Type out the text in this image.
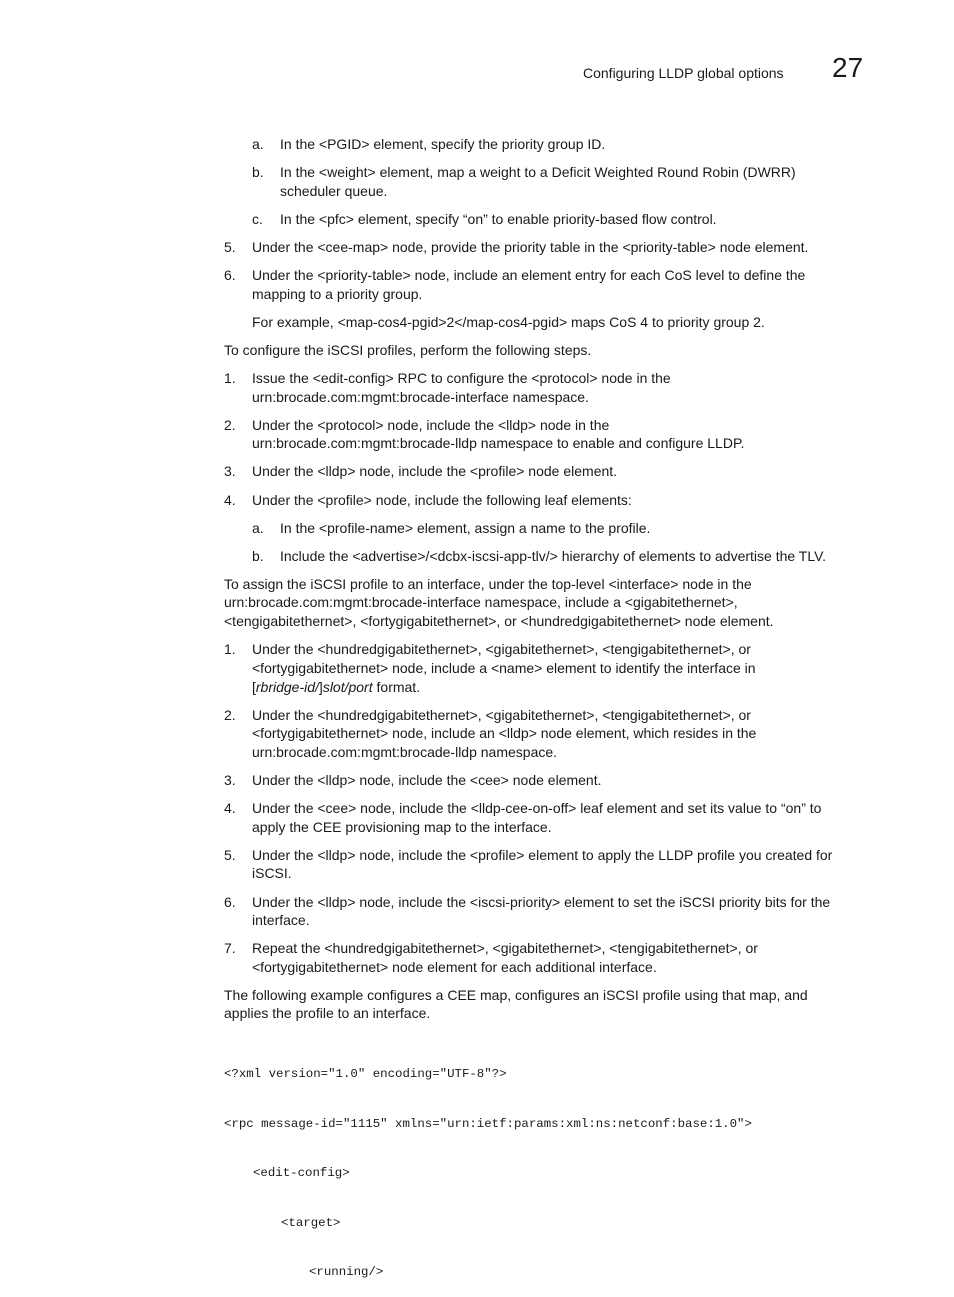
Configuring LLDP global options 27
a. In the <PGID> element, specify the priority group ID.

b. In the <weight> element, map a weight to a Deficit Weighted Round Robin (DWRR)

scheduler queue.

c. In the <pfc> element, specify “on” to enable priority-based flow control.

5. Under the <cee-map> node, provide the priority table in the <priority-table> node element.

6. Under the <priority-table> node, include an element entry for each CoS level to define the

mapping to a priority group.

For example, <map-cos4-pgid>2</map-cos4-pgid> maps CoS 4 to priority group 2.

To configure the iSCSI profiles, perform the following steps.

1. Issue the <edit-config> RPC to configure the <protocol> node in the

urn:brocade.com:mgmt:brocade-interface namespace.

2. Under the <protocol> node, include the <lldp> node in the

urn:brocade.com:mgmt:brocade-lldp namespace to enable and configure LLDP.

3. Under the <lldp> node, include the <profile> node element.

4. Under the <profile> node, include the following leaf elements:

a. In the <profile-name> element, assign a name to the profile.

b. Include the <advertise>/<dcbx-iscsi-app-tlv/> hierarchy of elements to advertise the TLV.

To assign the iSCSI profile to an interface, under the top-level <interface> node in the

urn:brocade.com:mgmt:brocade-interface namespace, include a <gigabitethernet>,

<tengigabitethernet>, <fortygigabitethernet>, or <hundredgigabitethernet> node element.

1. Under the <hundredgigabitethernet>, <gigabitethernet>, <tengigabitethernet>, or

<fortygigabitethernet> node, include a <name> element to identify the interface in

[rbridge-id/]slot/port format.

2. Under the <hundredgigabitethernet>, <gigabitethernet>, <tengigabitethernet>, or

<fortygigabitethernet> node, include an <lldp> node element, which resides in the

urn:brocade.com:mgmt:brocade-lldp namespace.

3. Under the <lldp> node, include the <cee> node element.

4. Under the <cee> node, include the <lldp-cee-on-off> leaf element and set its value to “on” to

apply the CEE provisioning map to the interface.

5. Under the <lldp> node, include the <profile> element to apply the LLDP profile you created for

iSCSI.

6. Under the <lldp> node, include the <iscsi-priority> element to set the iSCSI priority bits for the

interface.

7. Repeat the <hundredgigabitethernet>, <gigabitethernet>, <tengigabitethernet>, or

<fortygigabitethernet> node element for each additional interface.

The following example configures a CEE map, configures an iSCSI profile using that map, and

applies the profile to an interface.

<?xml version="1.0" encoding="UTF-8"?>

<rpc message-id="1115" xmlns="urn:ietf:params:xml:ns:netconf:base:1.0">

<edit-config>

<target>

<running/>
